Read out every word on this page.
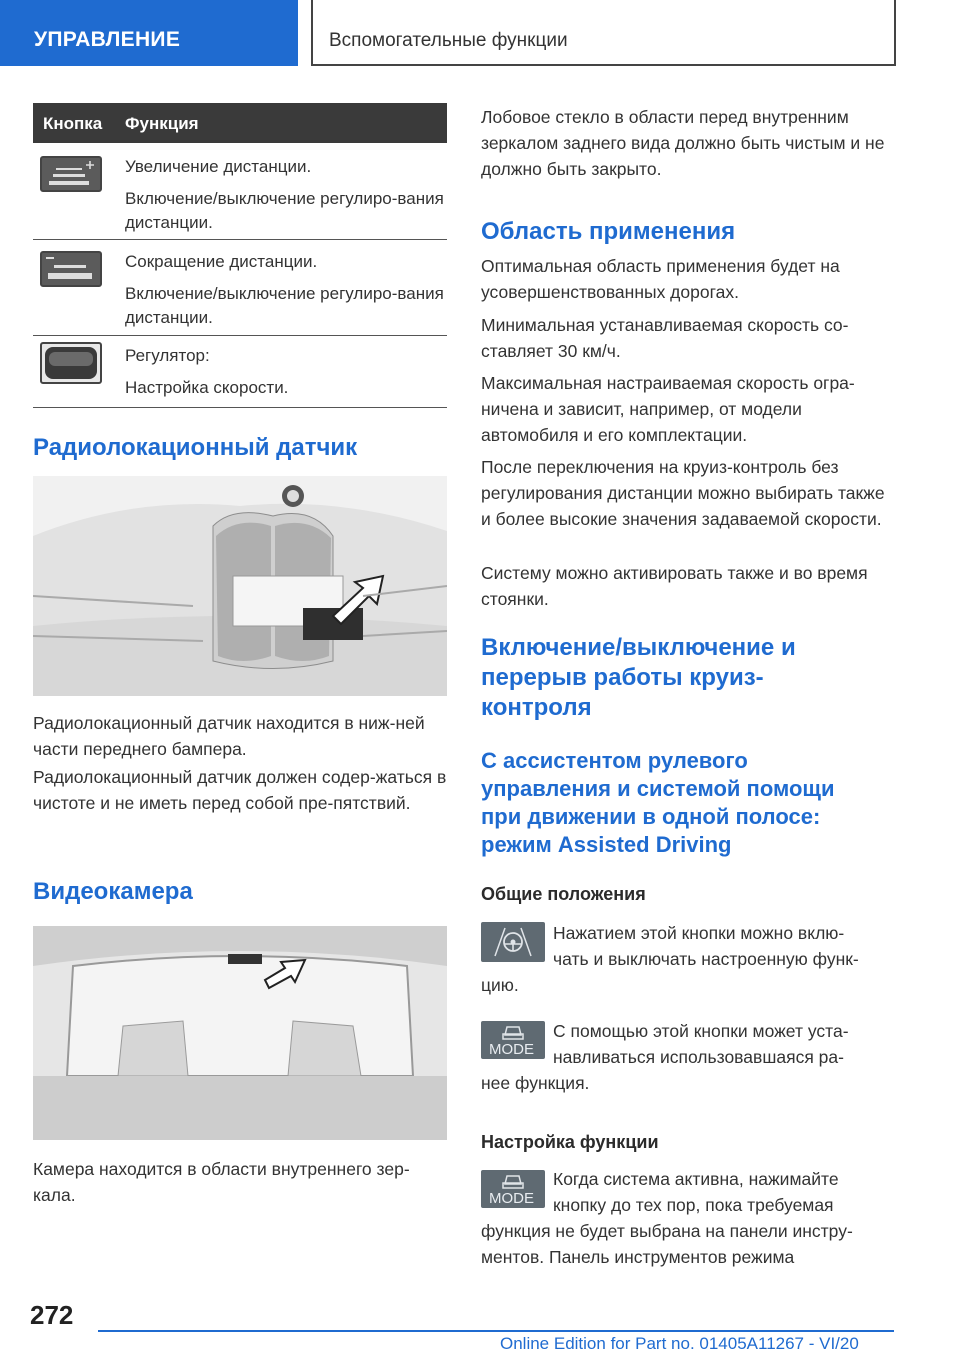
УПРАВЛЕНИЕ	Вспомогательные функции
Кнопка Функция

Увеличение дистанции.

Включение/выключение регулиро-вания дистанции.

Сокращение дистанции.

Включение/выключение регулиро-вания дистанции.

Регулятор:

Настройка скорости.

Радиолокационный датчик
Радиолокационный датчик находится в ниж-ней части переднего бампера.
Радиолокационный датчик должен содер-жаться в чистоте и не иметь перед собой пре-пятствий.
Видеокамера
Камера находится в области внутреннего зер-кала.
Лобовое стекло в области перед внутренним зеркалом заднего вида должно быть чистым и не должно быть закрыто.
Область применения
Оптимальная область применения будет на усовершенствованных дорогах.
Минимальная устанавливаемая скорость со-ставляет 30 км/ч.
Максимальная настраиваемая скорость огра-ничена и зависит, например, от модели автомобиля и его комплектации.
После переключения на круиз-контроль без регулирования дистанции можно выбирать также и более высокие значения задаваемой скорости.
Систему можно активировать также и во время стоянки.
Включение/выключение и
перерыв работы круиз-
контроля
С ассистентом рулевого
управления и системой помощи
при движении в одной полосе:
режим Assisted Driving
Общие положения
Нажатием этой кнопки можно вклю-
чать и выключать настроенную функ-
цию.
MODE
С помощью этой кнопки может уста-
навливаться использовавшаяся ра-
нее функция.
Настройка функции
MODE
Когда система активна, нажимайте
кнопку до тех пор, пока требуемая
функция не будет выбрана на панели инстру-
ментов. Панель инструментов режима
272
Online Edition for Part no. 01405A11267 - VI/20
